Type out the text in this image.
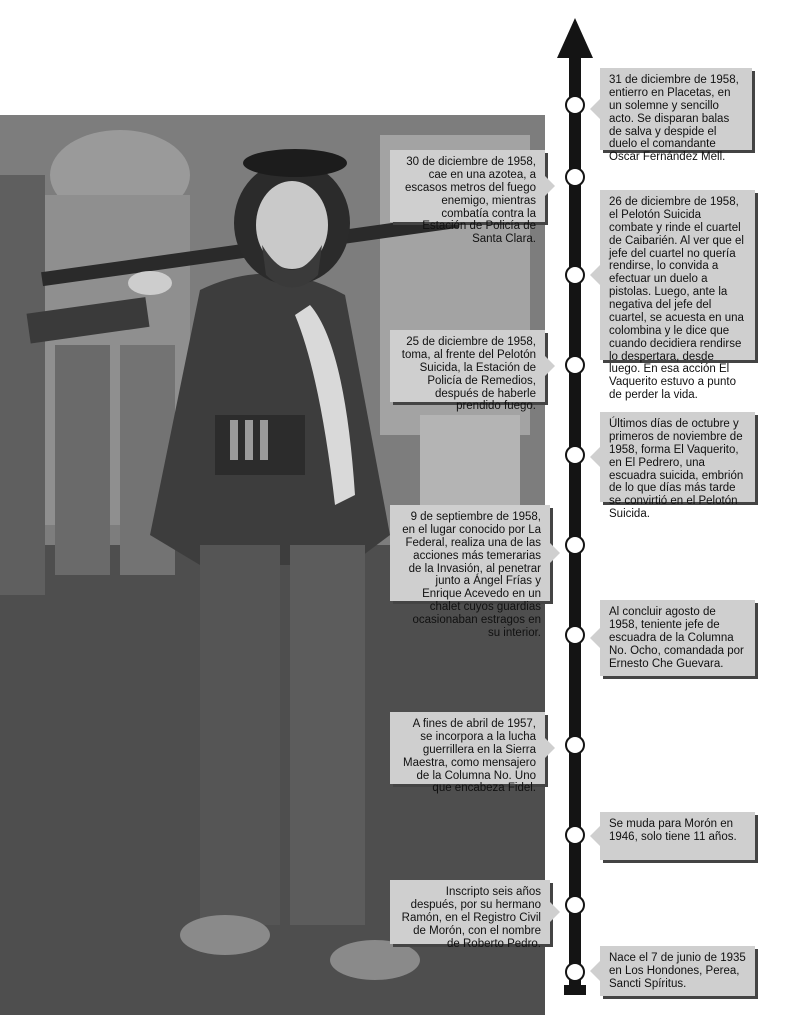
31 de diciembre de 1958, entierro en Placetas, en un solemne y sencillo acto. Se disparan balas de salva y despide el duelo el comandante Oscar Fernández Mell.
30 de diciembre de 1958, cae en una azotea, a escasos metros del fuego enemigo, mientras combatía contra la Estación de Policía de Santa Clara.
26 de diciembre de 1958, el Pelotón Suicida combate y rinde el cuartel de Caibarién. Al ver que el jefe del cuartel no quería rendirse, lo convida a efectuar un duelo a pistolas. Luego, ante la negativa del jefe del cuartel, se acuesta en una colombina y le dice que cuando decidiera rendirse lo despertara, desde luego. En esa acción El Vaquerito estuvo a punto de perder la vida.
25 de diciembre de 1958, toma, al frente del Pelotón Suicida, la Estación de Policía de Remedios, después de haberle prendido fuego.
Últimos días de octubre y primeros de noviembre de 1958, forma El Vaquerito, en El Pedrero, una escuadra suicida, embrión de lo que días más tarde se convirtió en el Pelotón Suicida.
9 de septiembre de 1958, en el lugar conocido por La Federal, realiza una de las acciones más temerarias de la Invasión, al penetrar junto a Ángel Frías y Enrique Acevedo en un chalet cuyos guardias ocasionaban estragos en su interior.
Al concluir agosto de 1958, teniente jefe de escuadra de la Columna No. Ocho, comandada por Ernesto Che Guevara.
A fines de abril de 1957, se incorpora a la lucha guerrillera en la Sierra Maestra, como mensajero de la Columna No. Uno que encabeza Fidel.
Se muda para Morón en 1946, solo tiene 11 años.
Inscripto seis años después, por su hermano Ramón, en el Registro Civil de Morón, con el nombre de Roberto Pedro.
Nace el 7 de junio de 1935 en Los Hondones, Perea, Sancti Spíritus.
